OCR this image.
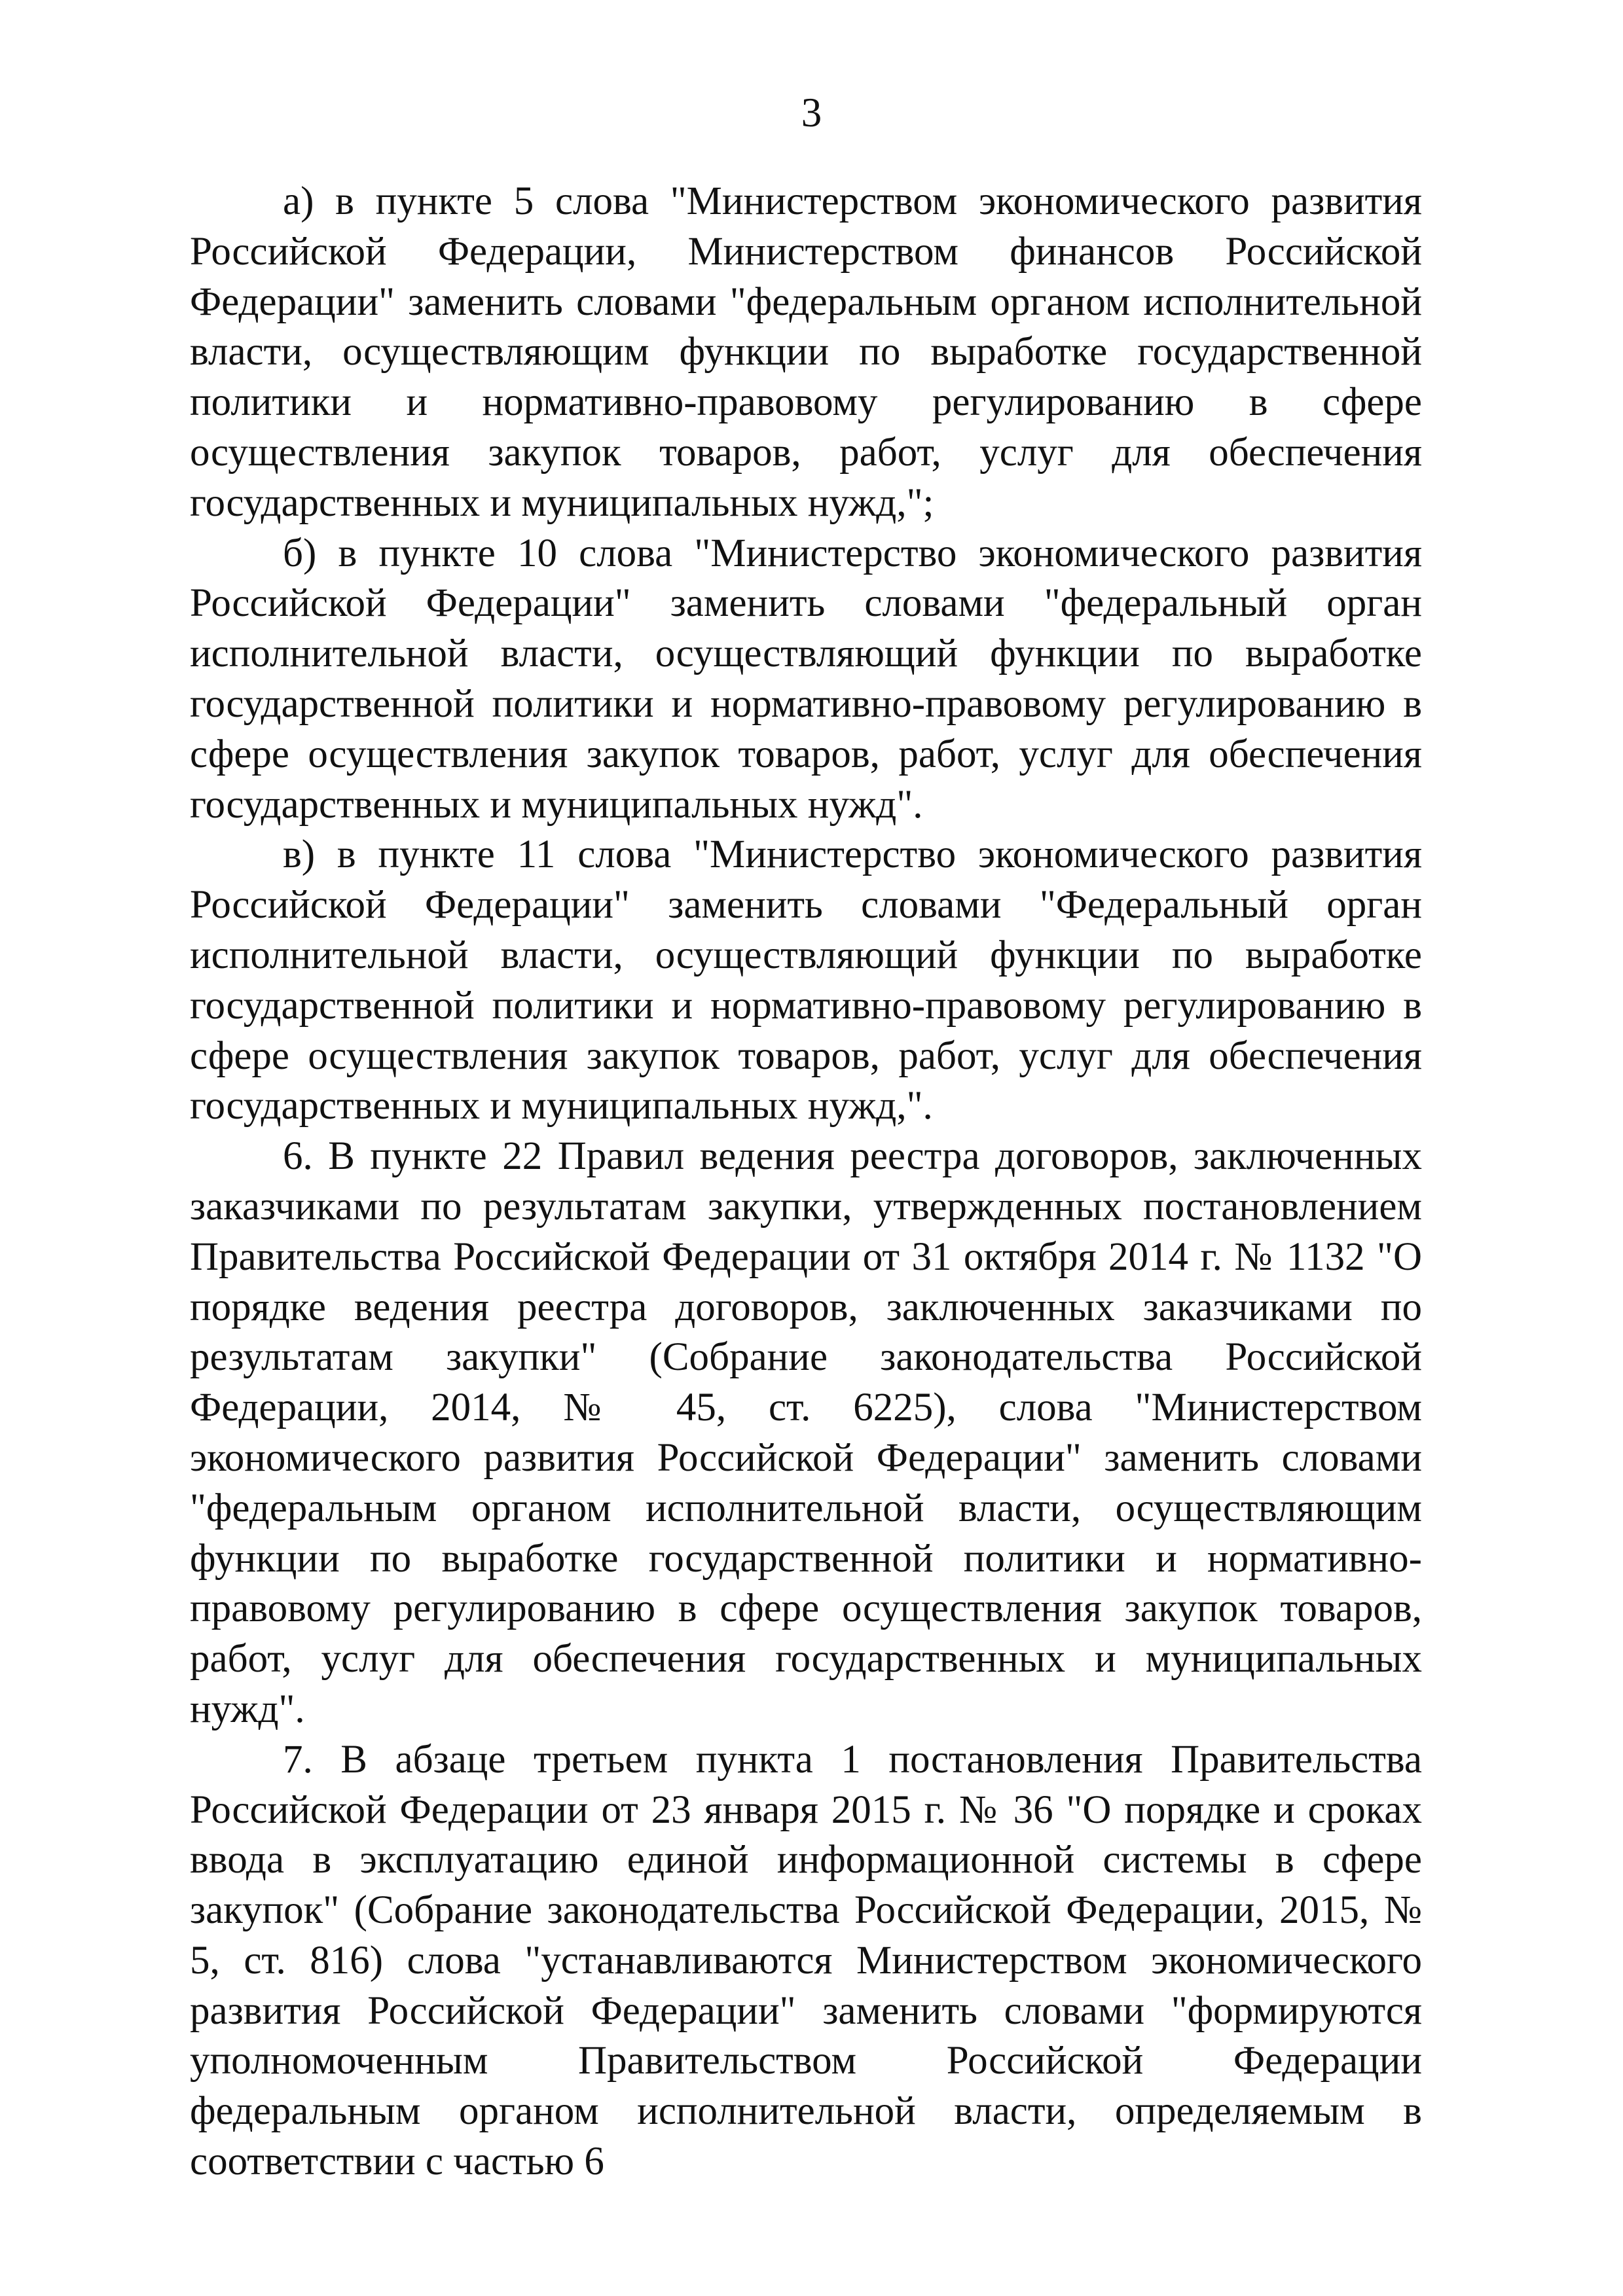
3

а) в пункте 5 слова "Министерством экономического развития Российской Федерации, Министерством финансов Российской Федерации" заменить словами "федеральным органом исполнительной власти, осуществляющим функции по выработке государственной политики и нормативно-правовому регулированию в сфере осуществления закупок товаров, работ, услуг для обеспечения государственных и муниципальных нужд,";

б) в пункте 10 слова "Министерство экономического развития Российской Федерации" заменить словами "федеральный орган исполнительной власти, осуществляющий функции по выработке государственной политики и нормативно-правовому регулированию в сфере осуществления закупок товаров, работ, услуг для обеспечения государственных и муниципальных нужд".

в) в пункте 11 слова "Министерство экономического развития Российской Федерации" заменить словами "Федеральный орган исполнительной власти, осуществляющий функции по выработке государственной политики и нормативно-правовому регулированию в сфере осуществления закупок товаров, работ, услуг для обеспечения государственных и муниципальных нужд,".

6. В пункте 22 Правил ведения реестра договоров, заключенных заказчиками по результатам закупки, утвержденных постановлением Правительства Российской Федерации от 31 октября 2014 г. № 1132 "О порядке ведения реестра договоров, заключенных заказчиками по результатам закупки" (Собрание законодательства Российской Федерации, 2014, № 45, ст. 6225), слова "Министерством экономического развития Российской Федерации" заменить словами "федеральным органом исполнительной власти, осуществляющим функции по выработке государственной политики и нормативно-правовому регулированию в сфере осуществления закупок товаров, работ, услуг для обеспечения государственных и муниципальных нужд".

7. В абзаце третьем пункта 1 постановления Правительства Российской Федерации от 23 января 2015 г. № 36 "О порядке и сроках ввода в эксплуатацию единой информационной системы в сфере закупок" (Собрание законодательства Российской Федерации, 2015, № 5, ст. 816) слова "устанавливаются Министерством экономического развития Российской Федерации" заменить словами "формируются уполномоченным Правительством Российской Федерации федеральным органом исполнительной власти, определяемым в соответствии с частью 6
